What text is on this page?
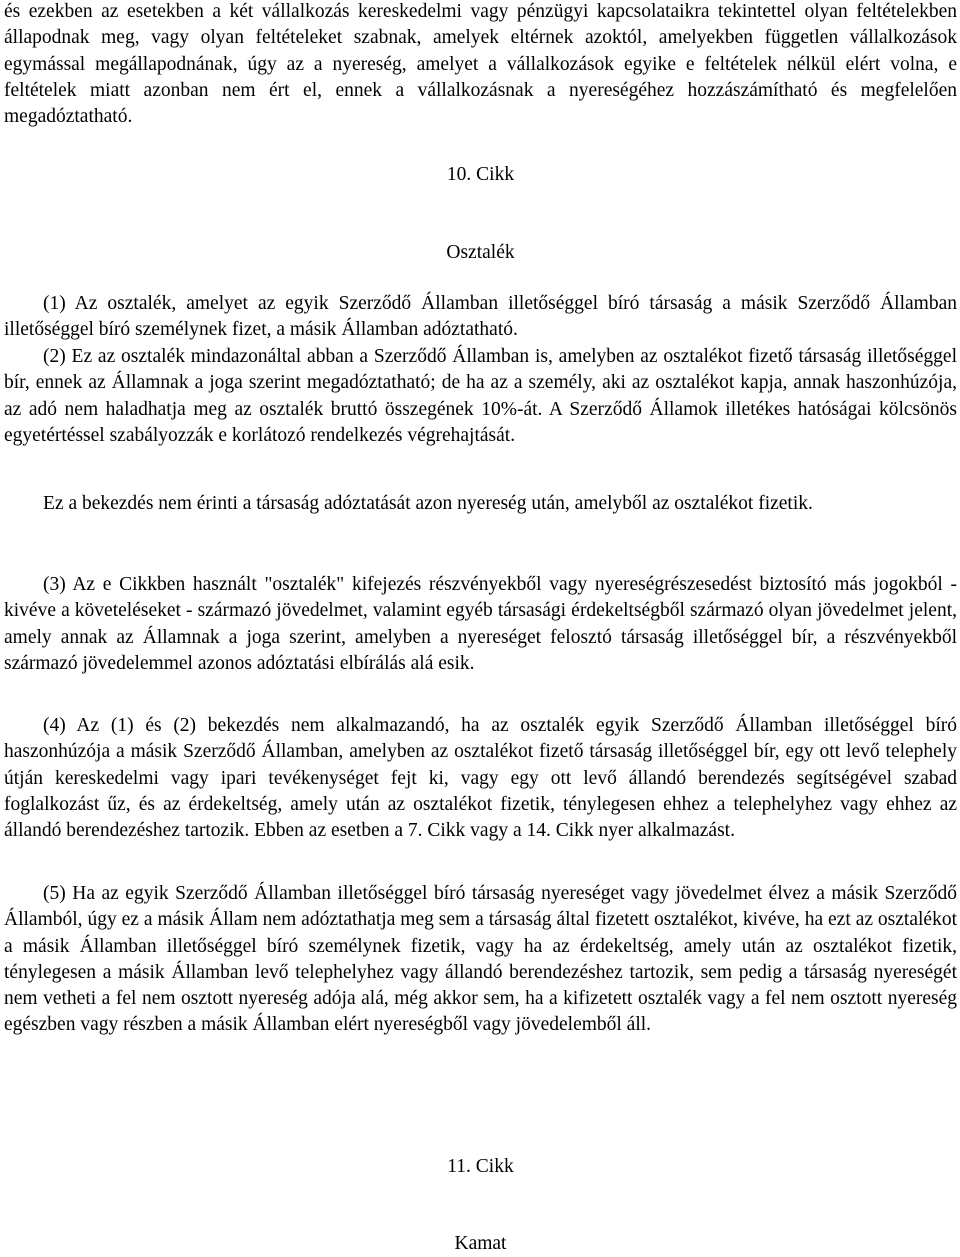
és ezekben az esetekben a két vállalkozás kereskedelmi vagy pénzügyi kapcsolataikra tekintettel olyan feltételekben állapodnak meg, vagy olyan feltételeket szabnak, amelyek eltérnek azoktól, amelyekben független vállalkozások egymással megállapodnának, úgy az a nyereség, amelyet a vállalkozások egyike e feltételek nélkül elért volna, e feltételek miatt azonban nem ért el, ennek a vállalkozásnak a nyereségéhez hozzászámítható és megfelelően megadóztatható.

10. Cikk

Osztalék

(1) Az osztalék, amelyet az egyik Szerződő Államban illetőséggel bíró társaság a másik Szerződő Államban illetőséggel bíró személynek fizet, a másik Államban adóztatható.

(2) Ez az osztalék mindazonáltal abban a Szerződő Államban is, amelyben az osztalékot fizető társaság illetőséggel bír, ennek az Államnak a joga szerint megadóztatható; de ha az a személy, aki az osztalékot kapja, annak haszonhúzója, az adó nem haladhatja meg az osztalék bruttó összegének 10%-át. A Szerződő Államok illetékes hatóságai kölcsönös egyetértéssel szabályozzák e korlátozó rendelkezés végrehajtását.

Ez a bekezdés nem érinti a társaság adóztatását azon nyereség után, amelyből az osztalékot fizetik.

(3) Az e Cikkben használt "osztalék" kifejezés részvényekből vagy nyereségrészesedést biztosító más jogokból - kivéve a követeléseket - származó jövedelmet, valamint egyéb társasági érdekeltségből származó olyan jövedelmet jelent, amely annak az Államnak a joga szerint, amelyben a nyereséget felosztó társaság illetőséggel bír, a részvényekből származó jövedelemmel azonos adóztatási elbírálás alá esik.

(4) Az (1) és (2) bekezdés nem alkalmazandó, ha az osztalék egyik Szerződő Államban illetőséggel bíró haszonhúzója a másik Szerződő Államban, amelyben az osztalékot fizető társaság illetőséggel bír, egy ott levő telephely útján kereskedelmi vagy ipari tevékenységet fejt ki, vagy egy ott levő állandó berendezés segítségével szabad foglalkozást űz, és az érdekeltség, amely után az osztalékot fizetik, ténylegesen ehhez a telephelyhez vagy ehhez az állandó berendezéshez tartozik. Ebben az esetben a 7. Cikk vagy a 14. Cikk nyer alkalmazást.

(5) Ha az egyik Szerződő Államban illetőséggel bíró társaság nyereséget vagy jövedelmet élvez a másik Szerződő Államból, úgy ez a másik Állam nem adóztathatja meg sem a társaság által fizetett osztalékot, kivéve, ha ezt az osztalékot a másik Államban illetőséggel bíró személynek fizetik, vagy ha az érdekeltség, amely után az osztalékot fizetik, ténylegesen a másik Államban levő telephelyhez vagy állandó berendezéshez tartozik, sem pedig a társaság nyereségét nem vetheti a fel nem osztott nyereség adója alá, még akkor sem, ha a kifizetett osztalék vagy a fel nem osztott nyereség egészben vagy részben a másik Államban elért nyereségből vagy jövedelemből áll.

11. Cikk

Kamat
